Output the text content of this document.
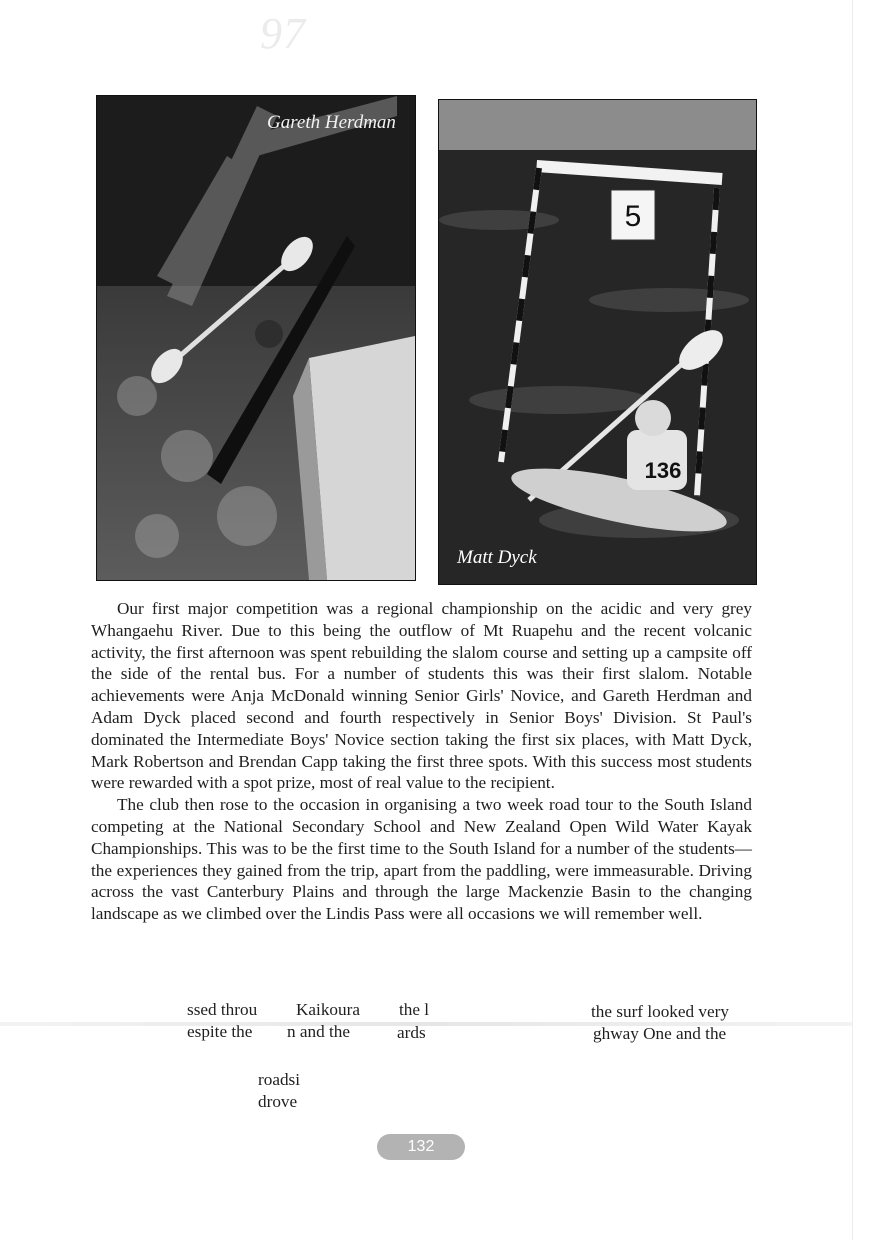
97
Gareth Herdman
5
136
Matt Dyck

Our first major competition was a regional championship on the acidic and very grey Whangaehu River. Due to this being the outflow of Mt Ruapehu and the recent volcanic activity, the first afternoon was spent rebuilding the slalom course and setting up a campsite off the side of the rental bus. For a number of students this was their first slalom. Notable achievements were Anja McDonald winning Senior Girls' Novice, and Gareth Herdman and Adam Dyck placed second and fourth respectively in Senior Boys' Division. St Paul's dominated the Intermediate Boys' Novice section taking the first six places, with Matt Dyck, Mark Robertson and Brendan Capp taking the first three spots. With this success most students were rewarded with a spot prize, most of real value to the recipient.

The club then rose to the occasion in organising a two week road tour to the South Island competing at the National Secondary School and New Zealand Open Wild Water Kayak Championships. This was to be the first time to the South Island for a number of the students—the experiences they gained from the trip, apart from the paddling, were immeasurable. Driving across the vast Canterbury Plains and through the large Mackenzie Basin to the changing landscape as we climbed over the Lindis Pass were all occasions we will remember well.

ssed throu Kaikoura the l	the surf looked very
espite the n and the	ards	ghway One and the
roadsi
drove
132
